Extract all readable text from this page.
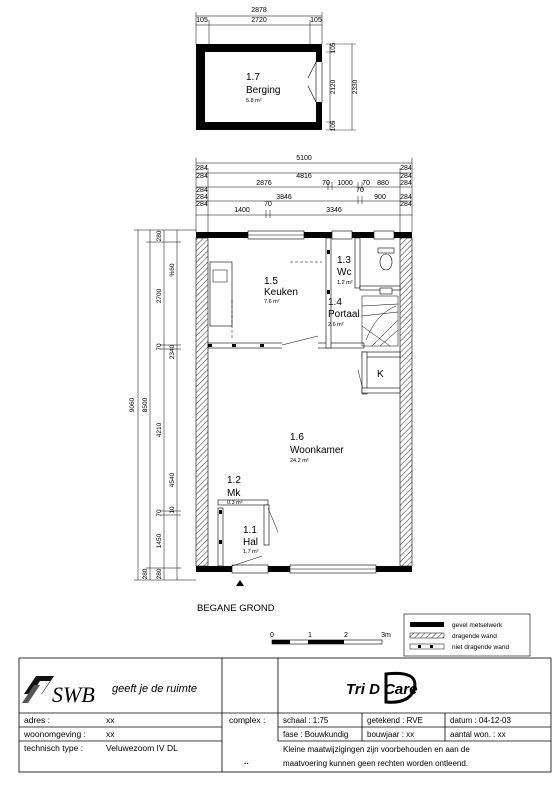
2878
105	2720	105
105
2120
105
2330
1.7
Berging
5.8 m²
5100
284	284
284	4816	284
284
2876	70 1000 70 880 284
284	3846
70
900 284
284
1400
70
3346
284
9060 8500
280
280
2700
70
4210
70
1450
280
%60
2340
4540
10
1.5
Keuken
7.6 m²
1.3
Wc
1.2 m²
1.4
Portaal
2.6 m²
1.6
Woonkamer
24.2 m²
1.2
Mk
0.3 m²
1.1
Hal
1.7 m²
K
BEGANE GROND
0	1	2	3m
gevel metselwerk
dragende wand
niet dragende wand
SWB geeft je de ruimte	Tri D Care
adres :	xx
woonomgeving : xx
technisch type :	Veluwezoom IV DL
complex :
..
schaal : 1:75	getekend : RVE	datum : 04-12-03
fase : Bouwkundig bouwjaar : xx	aantal won. : xx
Kleine maatwijzigingen zijn voorbehouden en aan de
maatvoering kunnen geen rechten worden ontleend.
